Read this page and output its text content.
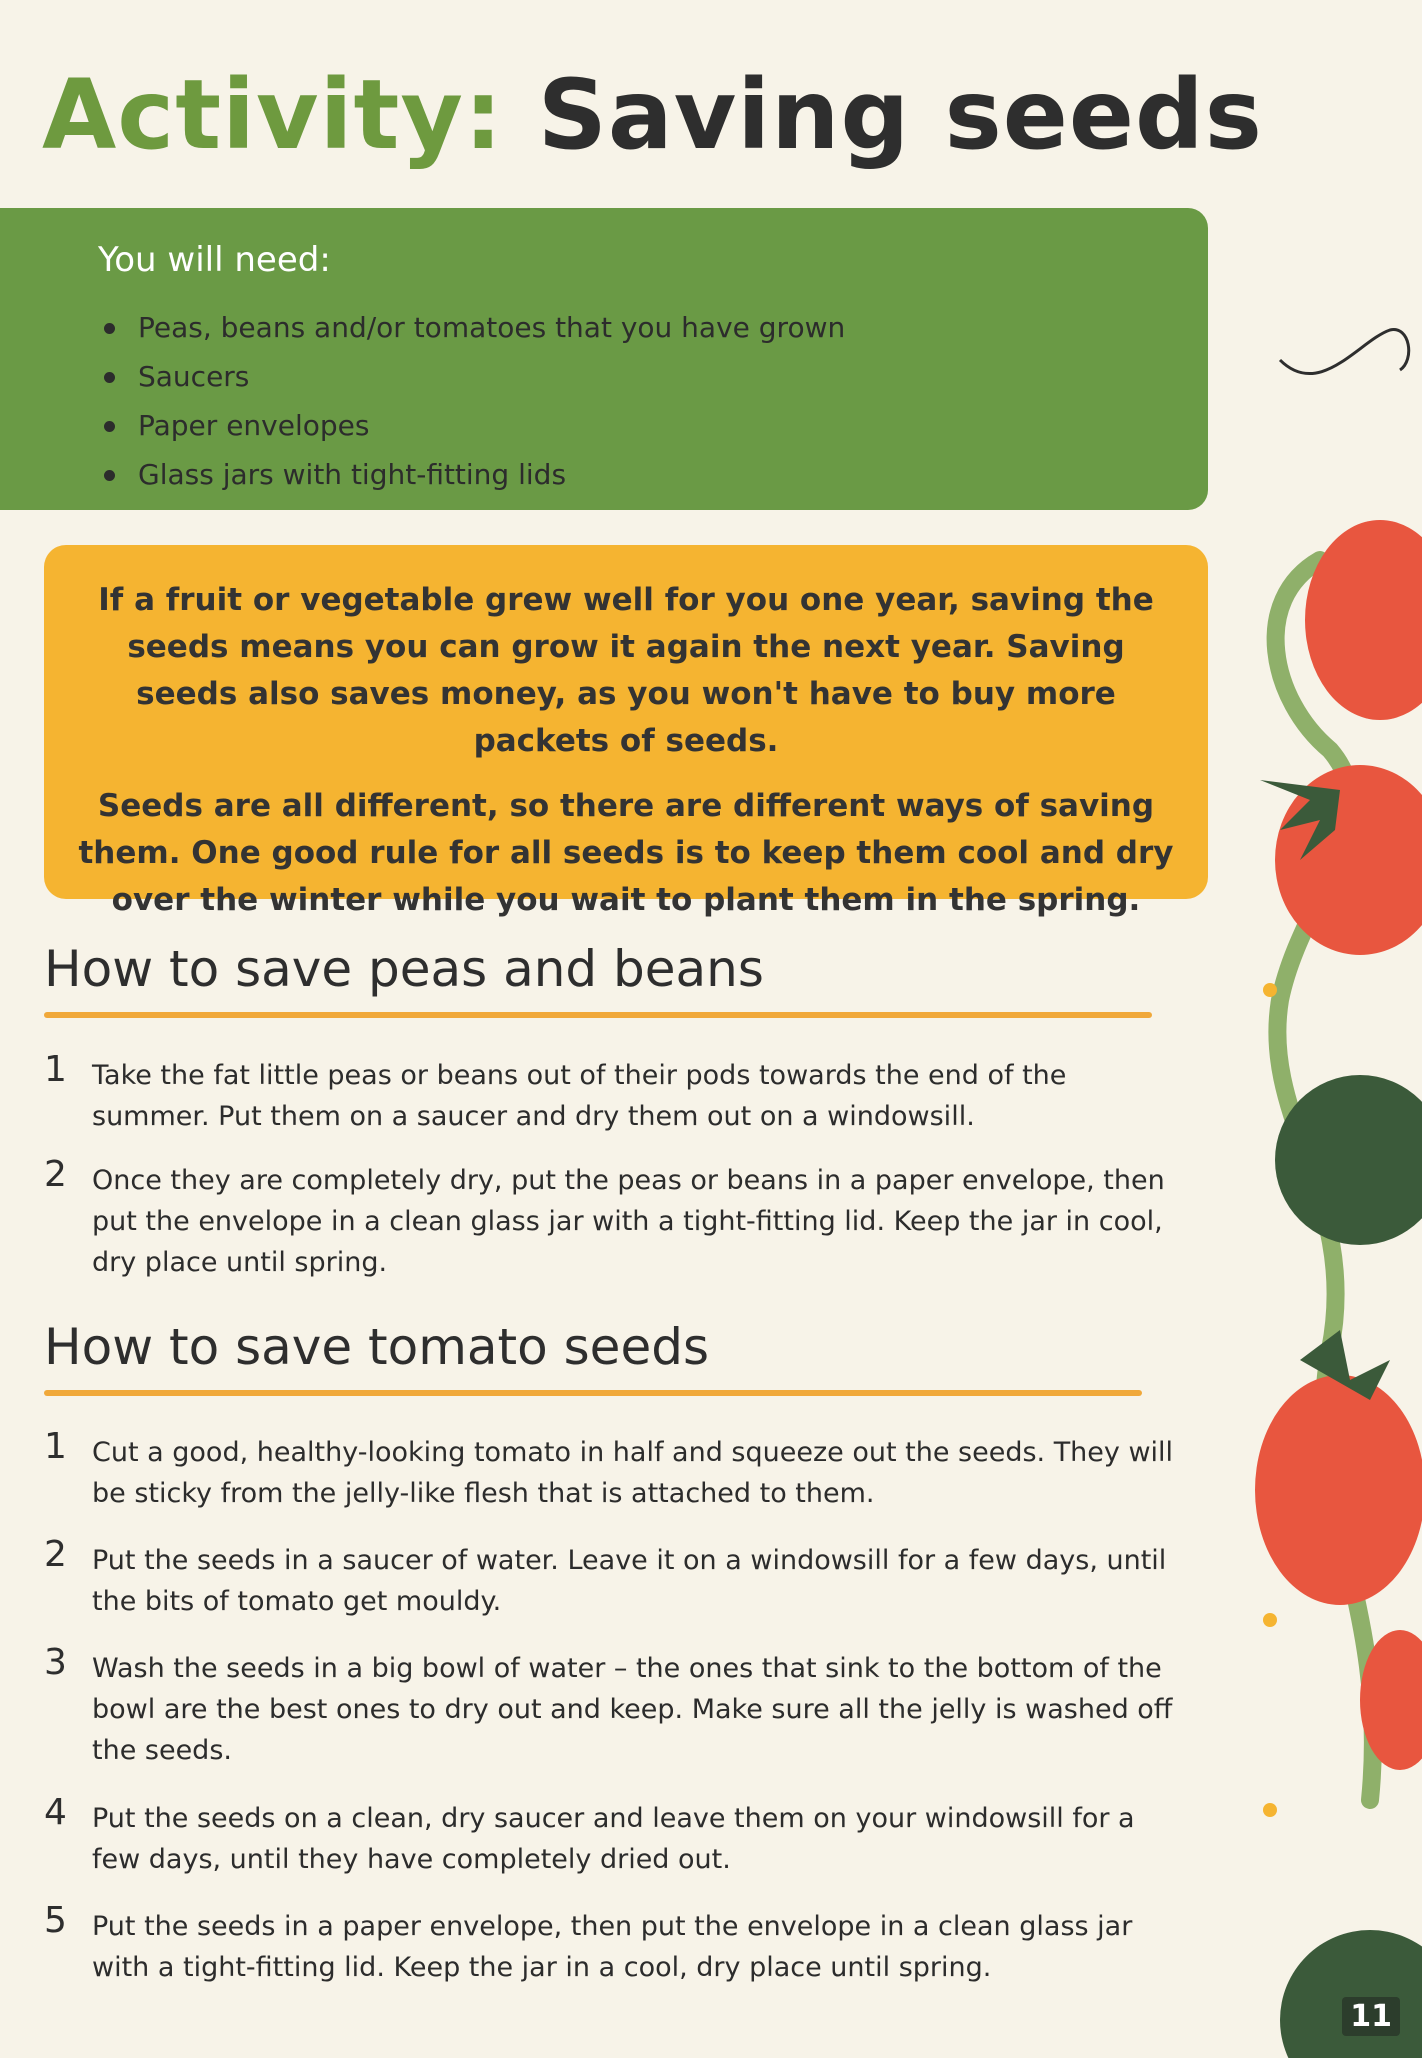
Activity: Saving seeds
You will need:
Peas, beans and/or tomatoes that you have grown
Saucers
Paper envelopes
Glass jars with tight-fitting lids

If a fruit or vegetable grew well for you one year, saving the seeds means you can grow it again the next year. Saving seeds also saves money, as you won't have to buy more packets of seeds.

Seeds are all different, so there are different ways of saving them. One good rule for all seeds is to keep them cool and dry over the winter while you wait to plant them in the spring.

How to save peas and beans
1 Take the fat little peas or beans out of their pods towards the end of the summer. Put them on a saucer and dry them out on a windowsill.
2 Once they are completely dry, put the peas or beans in a paper envelope, then put the envelope in a clean glass jar with a tight-fitting lid. Keep the jar in cool, dry place until spring.
How to save tomato seeds
1 Cut a good, healthy-looking tomato in half and squeeze out the seeds. They will be sticky from the jelly-like flesh that is attached to them.
2 Put the seeds in a saucer of water. Leave it on a windowsill for a few days, until the bits of tomato get mouldy.
3 Wash the seeds in a big bowl of water – the ones that sink to the bottom of the bowl are the best ones to dry out and keep. Make sure all the jelly is washed off the seeds.
4 Put the seeds on a clean, dry saucer and leave them on your windowsill for a few days, until they have completely dried out.
5 Put the seeds in a paper envelope, then put the envelope in a clean glass jar with a tight-fitting lid. Keep the jar in a cool, dry place until spring.
11
